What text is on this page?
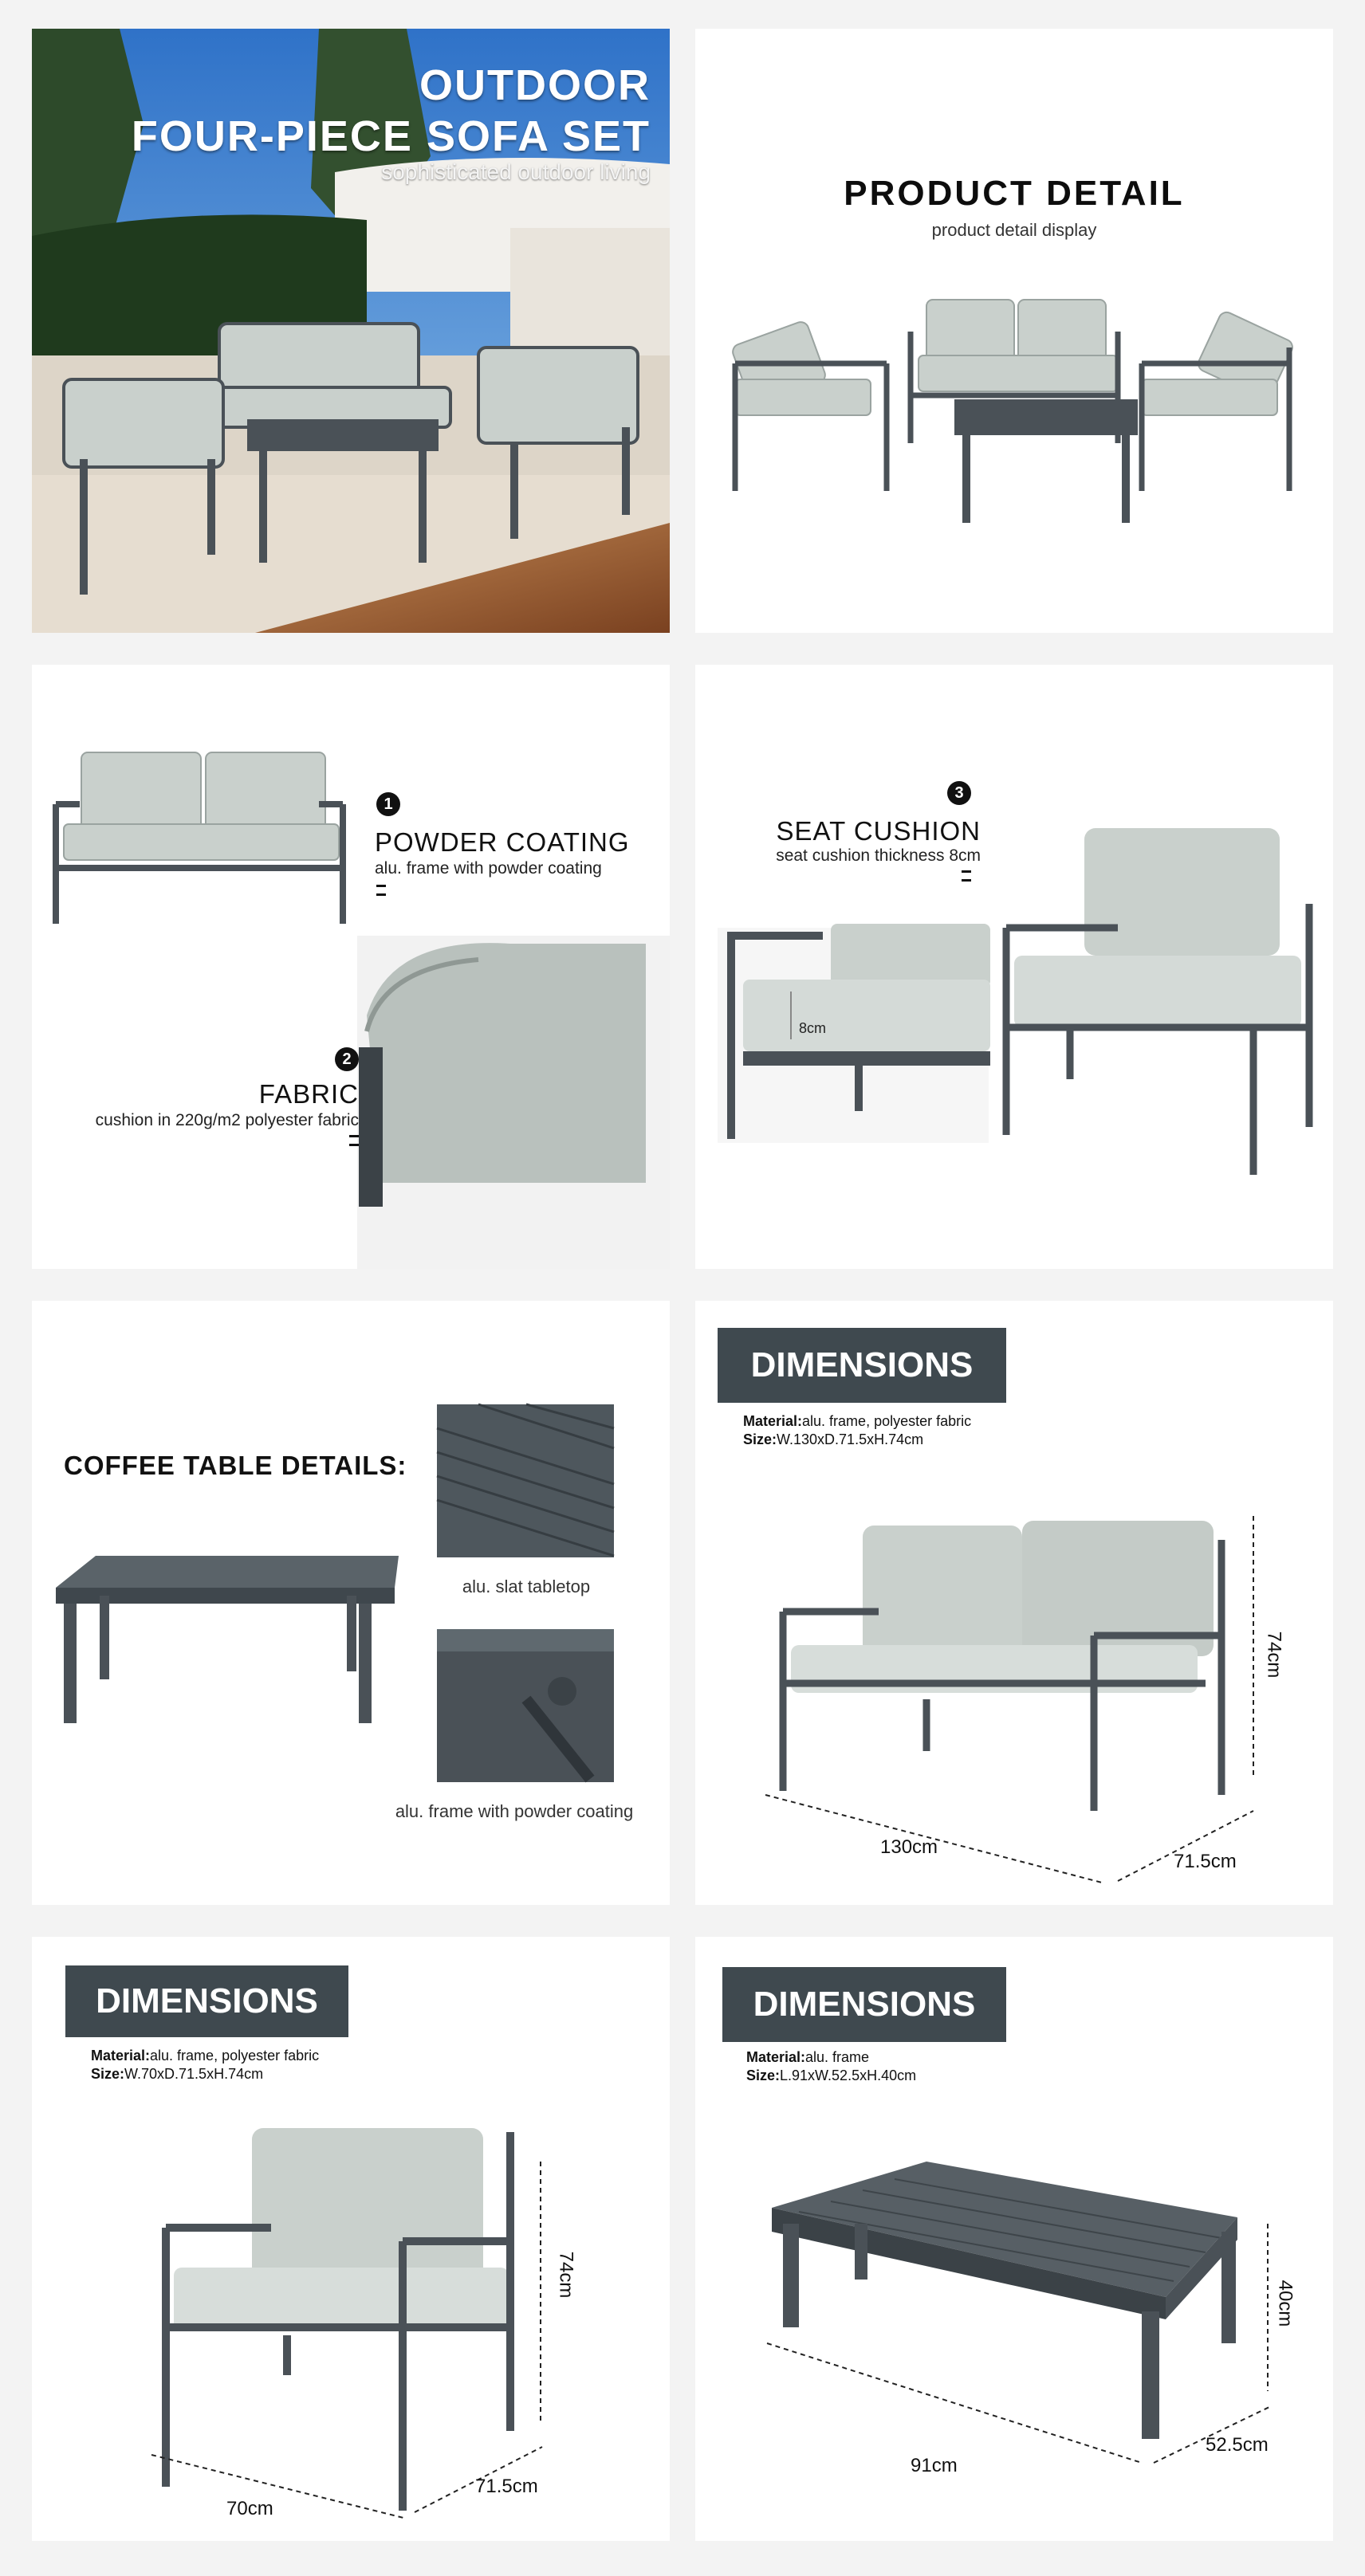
OUTDOOR
FOUR-PIECE SOFA SET
sophisticated outdoor living
PRODUCT DETAIL
product detail display
1
POWDER COATING
alu. frame with powder coating
2
FABRIC
cushion in 220g/m2 polyester fabric
3
SEAT CUSHION
seat cushion thickness 8cm
8cm
COFFEE TABLE DETAILS:
alu. slat tabletop
alu. frame with powder coating
DIMENSIONS
Material:alu. frame, polyester fabric
Size:W.130xD.71.5xH.74cm
130cm
71.5cm
74cm
DIMENSIONS
Material:alu. frame, polyester fabric
Size:W.70xD.71.5xH.74cm
70cm
71.5cm
74cm
DIMENSIONS
Material:alu. frame
Size:L.91xW.52.5xH.40cm
91cm
52.5cm
40cm
